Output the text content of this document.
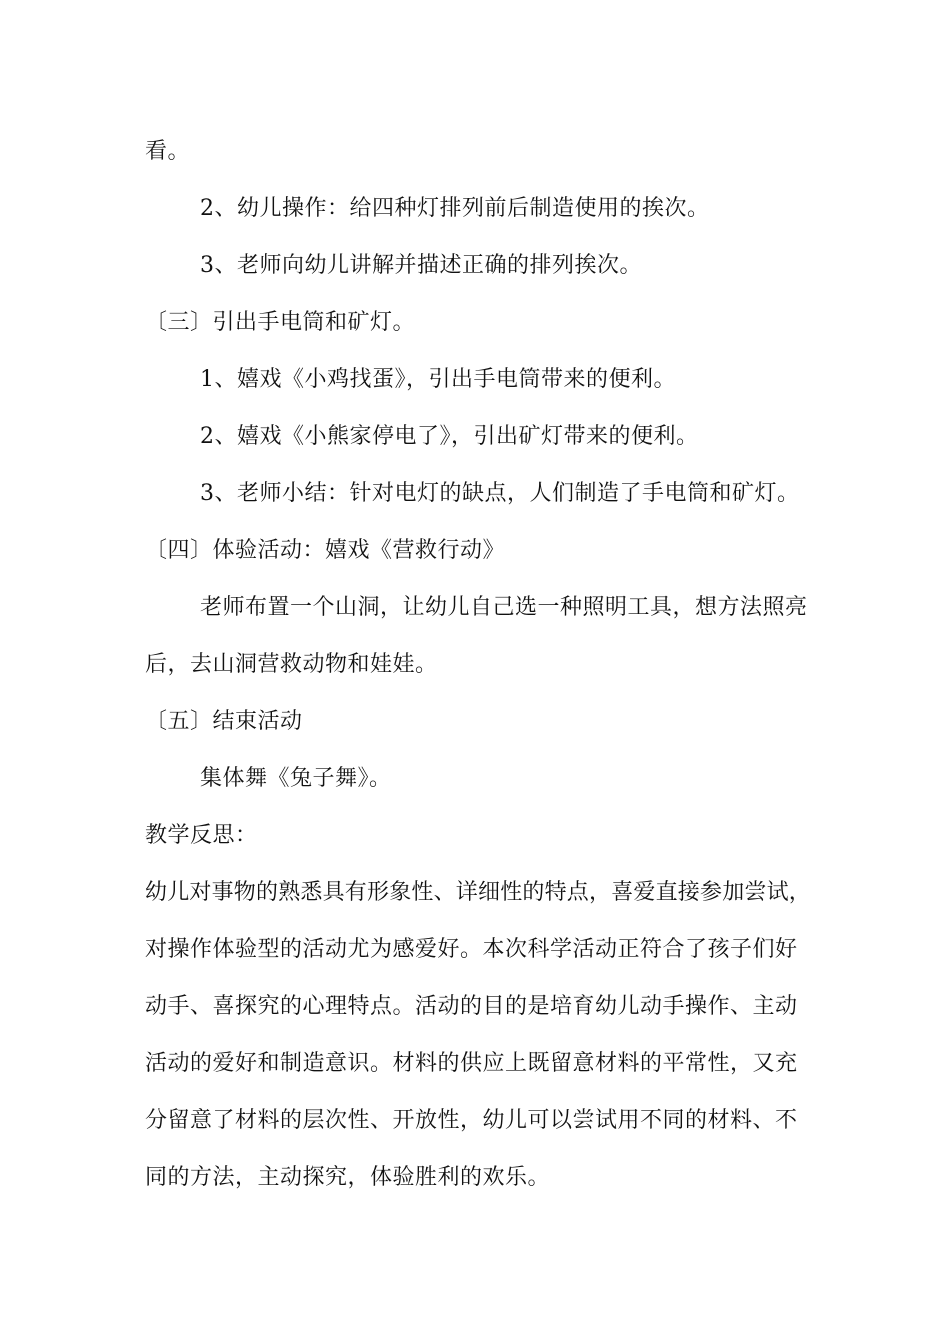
看。
2、幼儿操作：给四种灯排列前后制造使用的挨次。
3、老师向幼儿讲解并描述正确的排列挨次。
〔三〕引出手电筒和矿灯。
1、嬉戏《小鸡找蛋》，引出手电筒带来的便利。
2、嬉戏《小熊家停电了》，引出矿灯带来的便利。
3、老师小结：针对电灯的缺点，人们制造了手电筒和矿灯。
〔四〕体验活动：嬉戏《营救行动》
老师布置一个山洞，让幼儿自己选一种照明工具，想方法照亮
后，去山洞营救动物和娃娃。
〔五〕结束活动
集体舞《兔子舞》。
教学反思：
幼儿对事物的熟悉具有形象性、详细性的特点，喜爱直接参加尝试，
对操作体验型的活动尤为感爱好。本次科学活动正符合了孩子们好
动手、喜探究的心理特点。活动的目的是培育幼儿动手操作、主动
活动的爱好和制造意识。材料的供应上既留意材料的平常性，又充
分留意了材料的层次性、开放性，幼儿可以尝试用不同的材料、不
同的方法，主动探究，体验胜利的欢乐。
